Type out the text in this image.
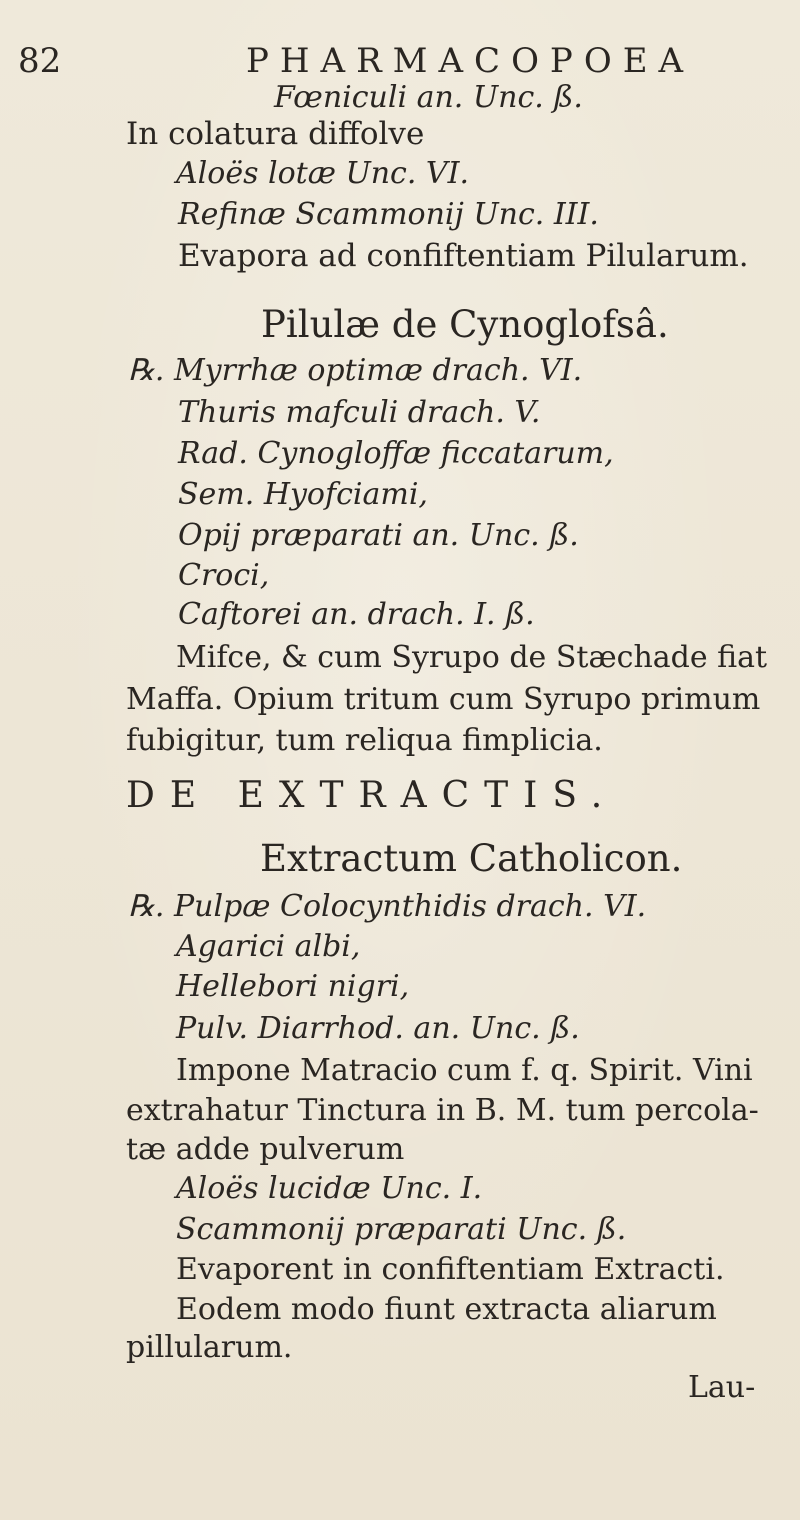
82	PHARMACOPOEA
Fœniculi an. Unc. ß.
In colatura diffolve
Aloës lotæ Unc. VI.
Refinæ Scammonij Unc. III.
Evapora ad confiftentiam Pilularum.
Pilulæ de Cynoglofsâ.
℞. Myrrhæ optimæ drach. VI.
Thuris mafculi drach. V.
Rad. Cynogloffæ ficcatarum,
Sem. Hyofciami,
Opij præparati an. Unc. ß.
Croci,
Caftorei an. drach. I. ß.
Mifce, & cum Syrupo de Stæchade fiat
Maffa. Opium tritum cum Syrupo primum
fubigitur, tum reliqua fimplicia.
DE EXTRACTIS.
Extractum Catholicon.
℞. Pulpæ Colocynthidis drach. VI.
Agarici albi,
Hellebori nigri,
Pulv. Diarrhod. an. Unc. ß.
Impone Matracio cum f. q. Spirit. Vini
extrahatur Tinctura in B. M. tum percola-
tæ adde pulverum
Aloës lucidæ Unc. I.
Scammonij præparati Unc. ß.
Evaporent in confiftentiam Extracti.
Eodem modo fiunt extracta aliarum
pillularum.
Lau-
